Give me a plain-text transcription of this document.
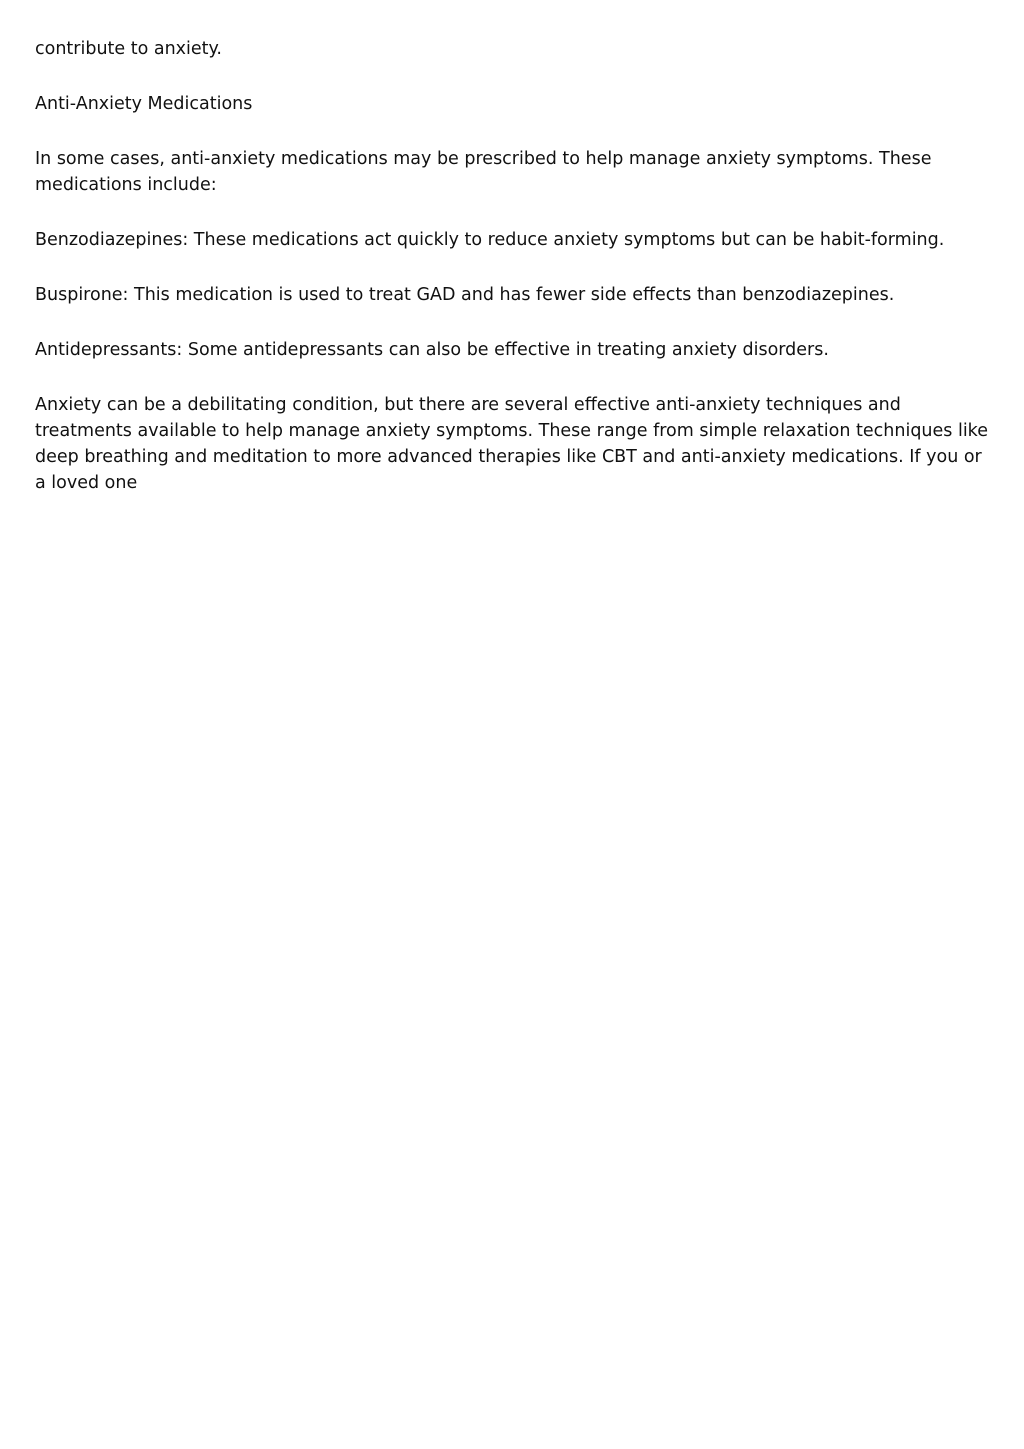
contribute to anxiety.

Anti-Anxiety Medications

In some cases, anti-anxiety medications may be prescribed to help manage anxiety symptoms. These medications include:

Benzodiazepines: These medications act quickly to reduce anxiety symptoms but can be habit-forming.

Buspirone: This medication is used to treat GAD and has fewer side effects than benzodiazepines.

Antidepressants: Some antidepressants can also be effective in treating anxiety disorders.

Anxiety can be a debilitating condition, but there are several effective anti-anxiety techniques and treatments available to help manage anxiety symptoms. These range from simple relaxation techniques like deep breathing and meditation to more advanced therapies like CBT and anti-anxiety medications. If you or a loved one
